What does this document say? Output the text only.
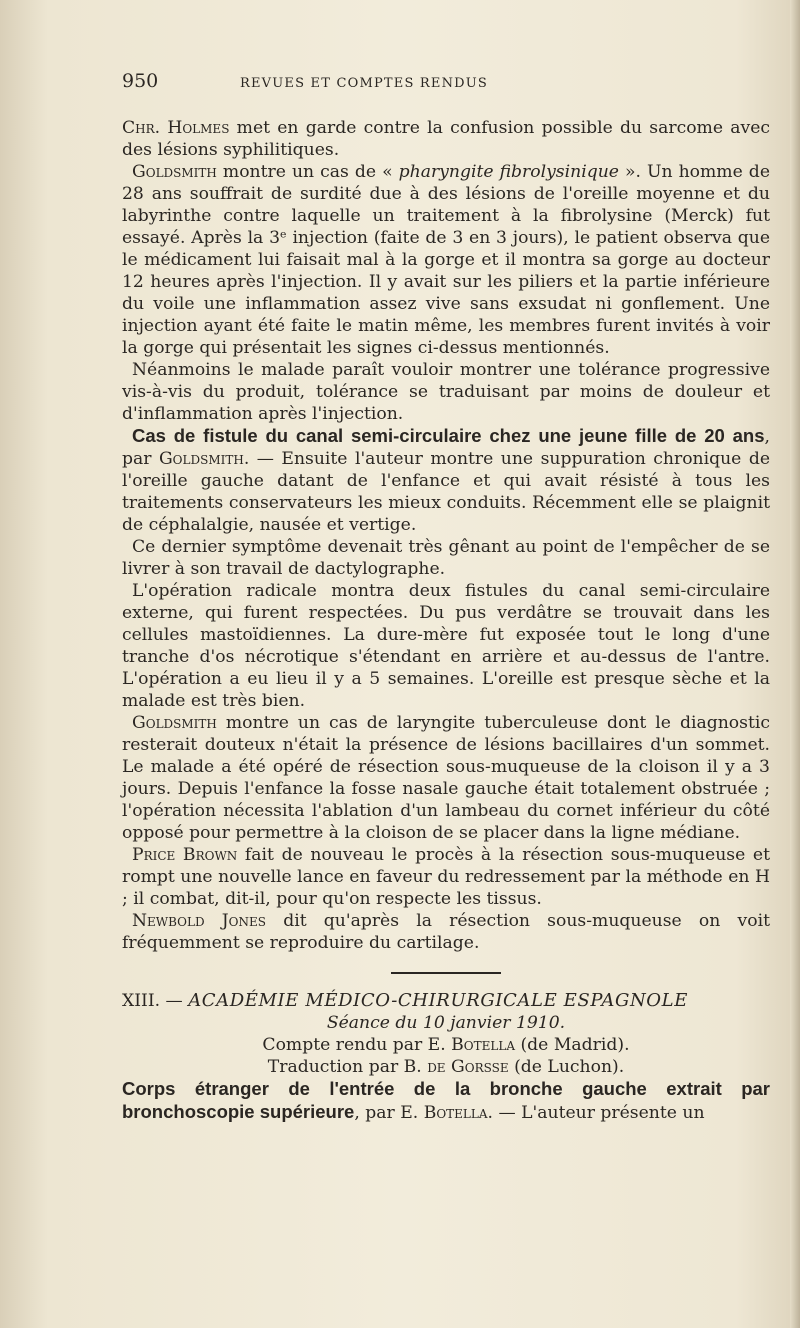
950	REVUES ET COMPTES RENDUS

Chr. Holmes met en garde contre la confusion possible du sarcome avec des lésions syphilitiques.

Goldsmith montre un cas de « pharyngite fibrolysinique ». Un homme de 28 ans souffrait de surdité due à des lésions de l'oreille moyenne et du labyrinthe contre laquelle un traitement à la fibrolysine (Merck) fut essayé. Après la 3ᵉ injection (faite de 3 en 3 jours), le patient observa que le médicament lui faisait mal à la gorge et il montra sa gorge au docteur 12 heures après l'injection. Il y avait sur les piliers et la partie inférieure du voile une inflammation assez vive sans exsudat ni gonflement. Une injection ayant été faite le matin même, les membres furent invités à voir la gorge qui présentait les signes ci-dessus mentionnés.

Néanmoins le malade paraît vouloir montrer une tolérance progressive vis-à-vis du produit, tolérance se traduisant par moins de douleur et d'inflammation après l'injection.

Cas de fistule du canal semi-circulaire chez une jeune fille de 20 ans, par Goldsmith. — Ensuite l'auteur montre une suppuration chronique de l'oreille gauche datant de l'enfance et qui avait résisté à tous les traitements conservateurs les mieux conduits. Récemment elle se plaignit de céphalalgie, nausée et vertige.

Ce dernier symptôme devenait très gênant au point de l'empêcher de se livrer à son travail de dactylographe.

L'opération radicale montra deux fistules du canal semi-circulaire externe, qui furent respectées. Du pus verdâtre se trouvait dans les cellules mastoïdiennes. La dure-mère fut exposée tout le long d'une tranche d'os nécrotique s'étendant en arrière et au-dessus de l'antre. L'opération a eu lieu il y a 5 semaines. L'oreille est presque sèche et la malade est très bien.

Goldsmith montre un cas de laryngite tuberculeuse dont le diagnostic resterait douteux n'était la présence de lésions bacillaires d'un sommet. Le malade a été opéré de résection sous-muqueuse de la cloison il y a 3 jours. Depuis l'enfance la fosse nasale gauche était totalement obstruée ; l'opération nécessita l'ablation d'un lambeau du cornet inférieur du côté opposé pour permettre à la cloison de se placer dans la ligne médiane.

Price Brown fait de nouveau le procès à la résection sous-muqueuse et rompt une nouvelle lance en faveur du redressement par la méthode en H ; il combat, dit-il, pour qu'on respecte les tissus.

Newbold Jones dit qu'après la résection sous-muqueuse on voit fréquemment se reproduire du cartilage.

XIII. — ACADÉMIE MÉDICO-CHIRURGICALE ESPAGNOLE

Séance du 10 janvier 1910.

Compte rendu par E. Botella (de Madrid).

Traduction par B. de Gorsse (de Luchon).

Corps étranger de l'entrée de la bronche gauche extrait par bronchoscopie supérieure, par E. Botella. — L'auteur présente un
